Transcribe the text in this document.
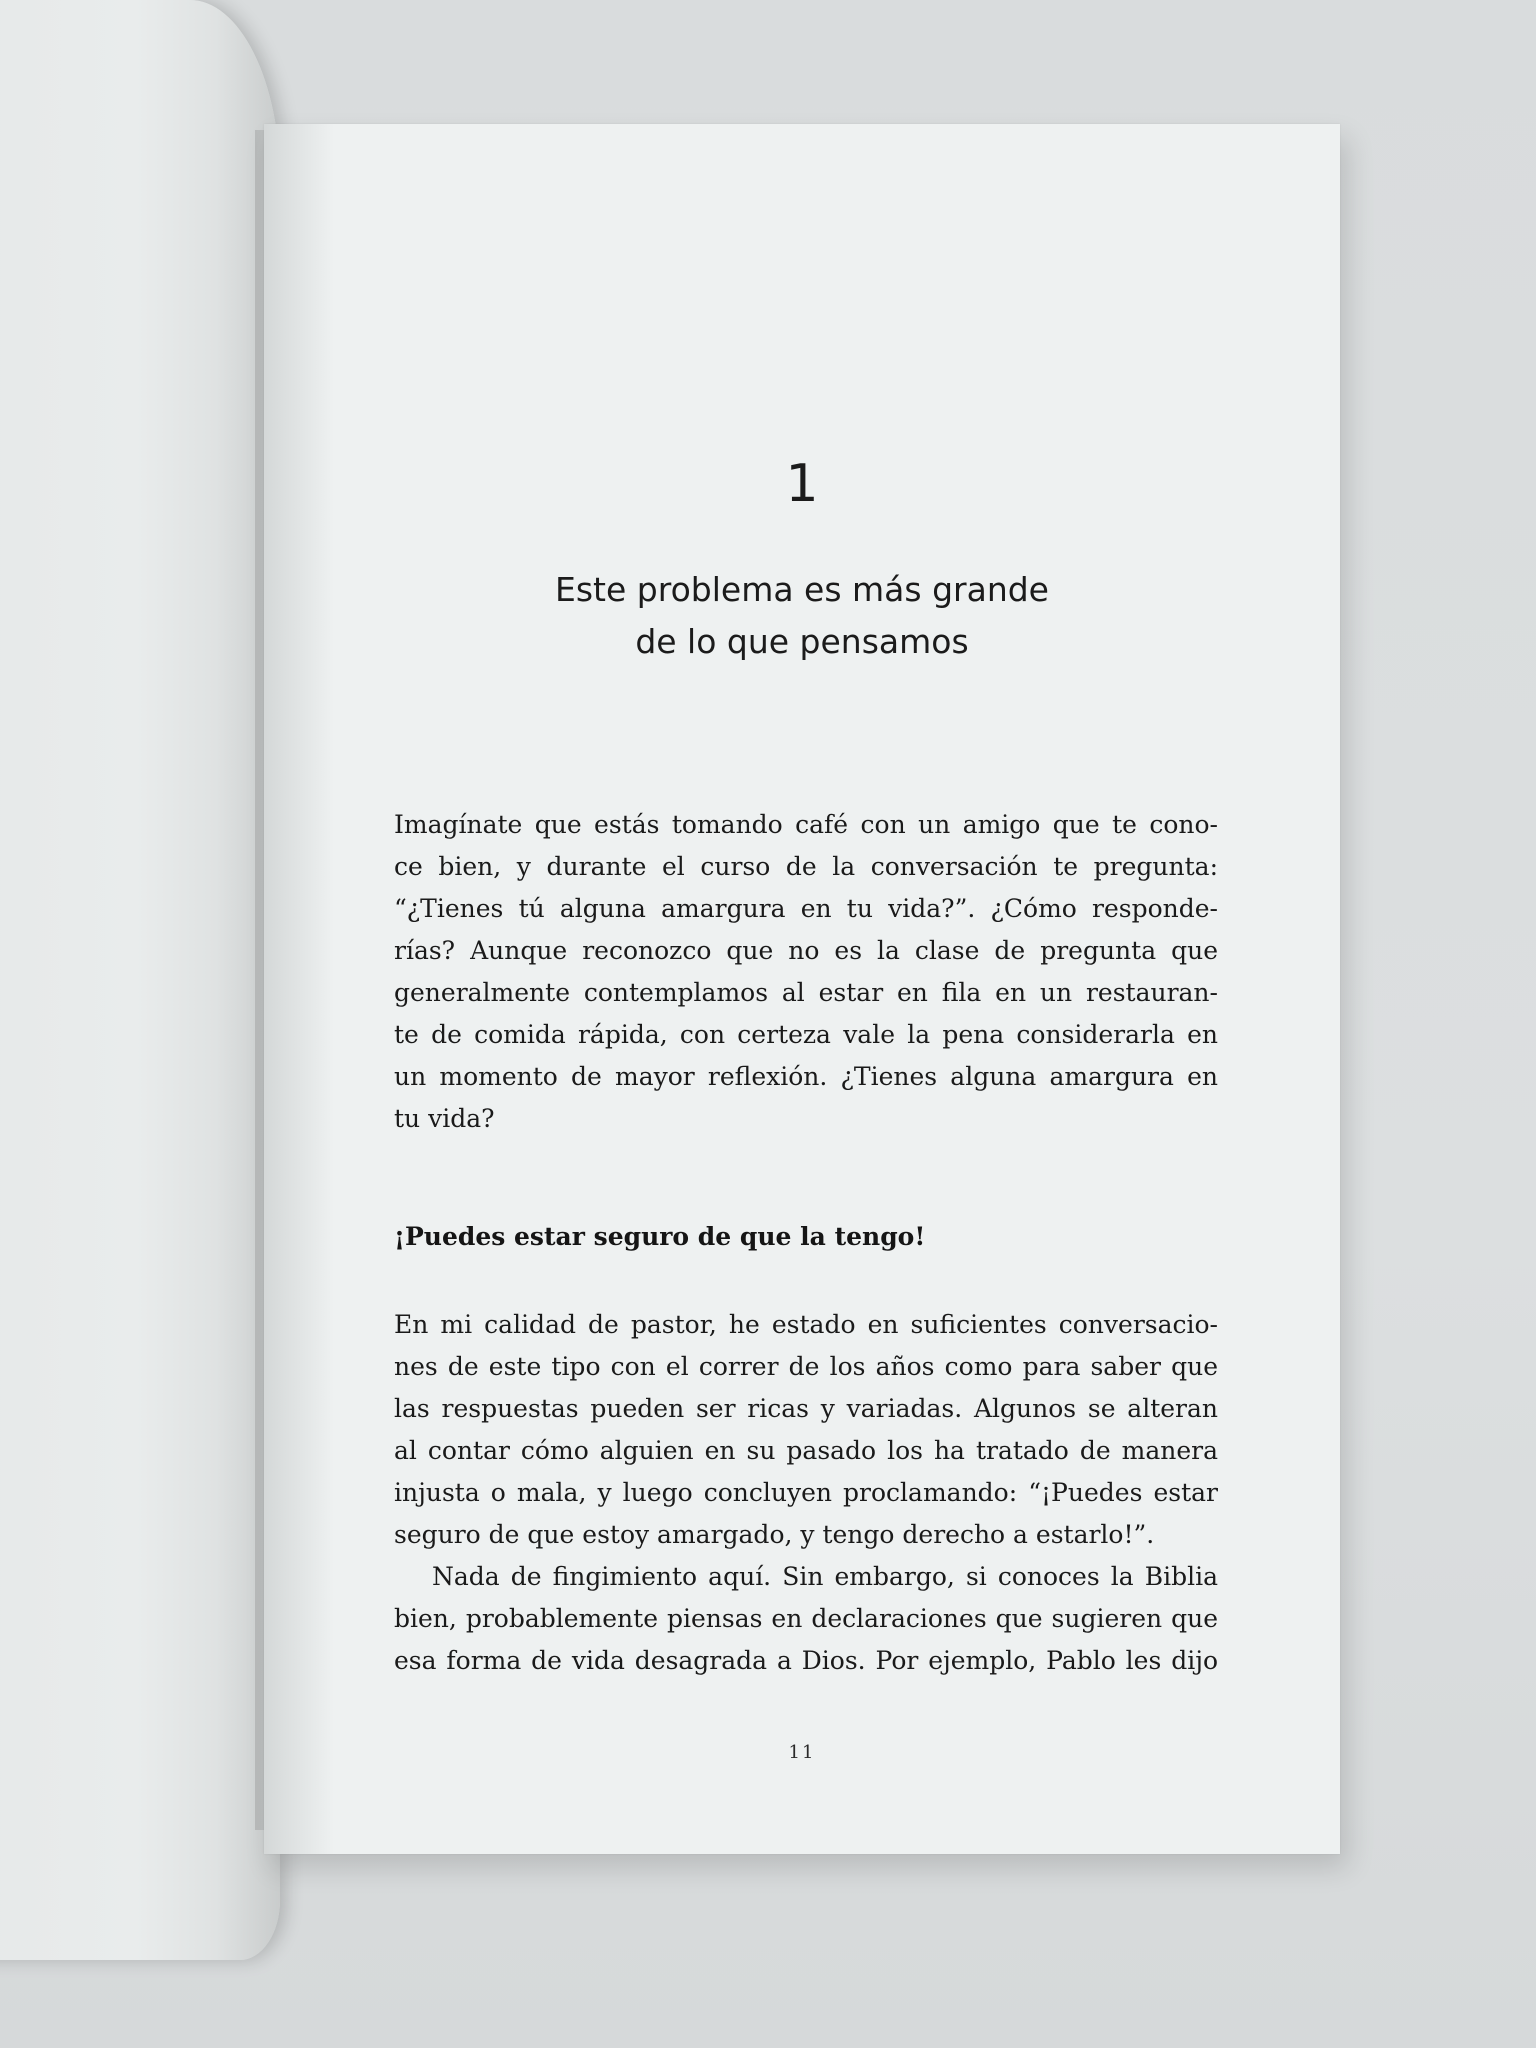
1
Este problema es más grande
de lo que pensamos
Imagínate que estás tomando café con un amigo que te cono-
ce bien, y durante el curso de la conversación te pregunta:
“¿Tienes tú alguna amargura en tu vida?”. ¿Cómo responde-
rías? Aunque reconozco que no es la clase de pregunta que
generalmente contemplamos al estar en fila en un restauran-
te de comida rápida, con certeza vale la pena considerarla en
un momento de mayor reflexión. ¿Tienes alguna amargura en
tu vida?
¡Puedes estar seguro de que la tengo!
En mi calidad de pastor, he estado en suficientes conversacio-
nes de este tipo con el correr de los años como para saber que
las respuestas pueden ser ricas y variadas. Algunos se alteran
al contar cómo alguien en su pasado los ha tratado de manera
injusta o mala, y luego concluyen proclamando: “¡Puedes estar
seguro de que estoy amargado, y tengo derecho a estarlo!”.
Nada de fingimiento aquí. Sin embargo, si conoces la Biblia
bien, probablemente piensas en declaraciones que sugieren que
esa forma de vida desagrada a Dios. Por ejemplo, Pablo les dijo
11
